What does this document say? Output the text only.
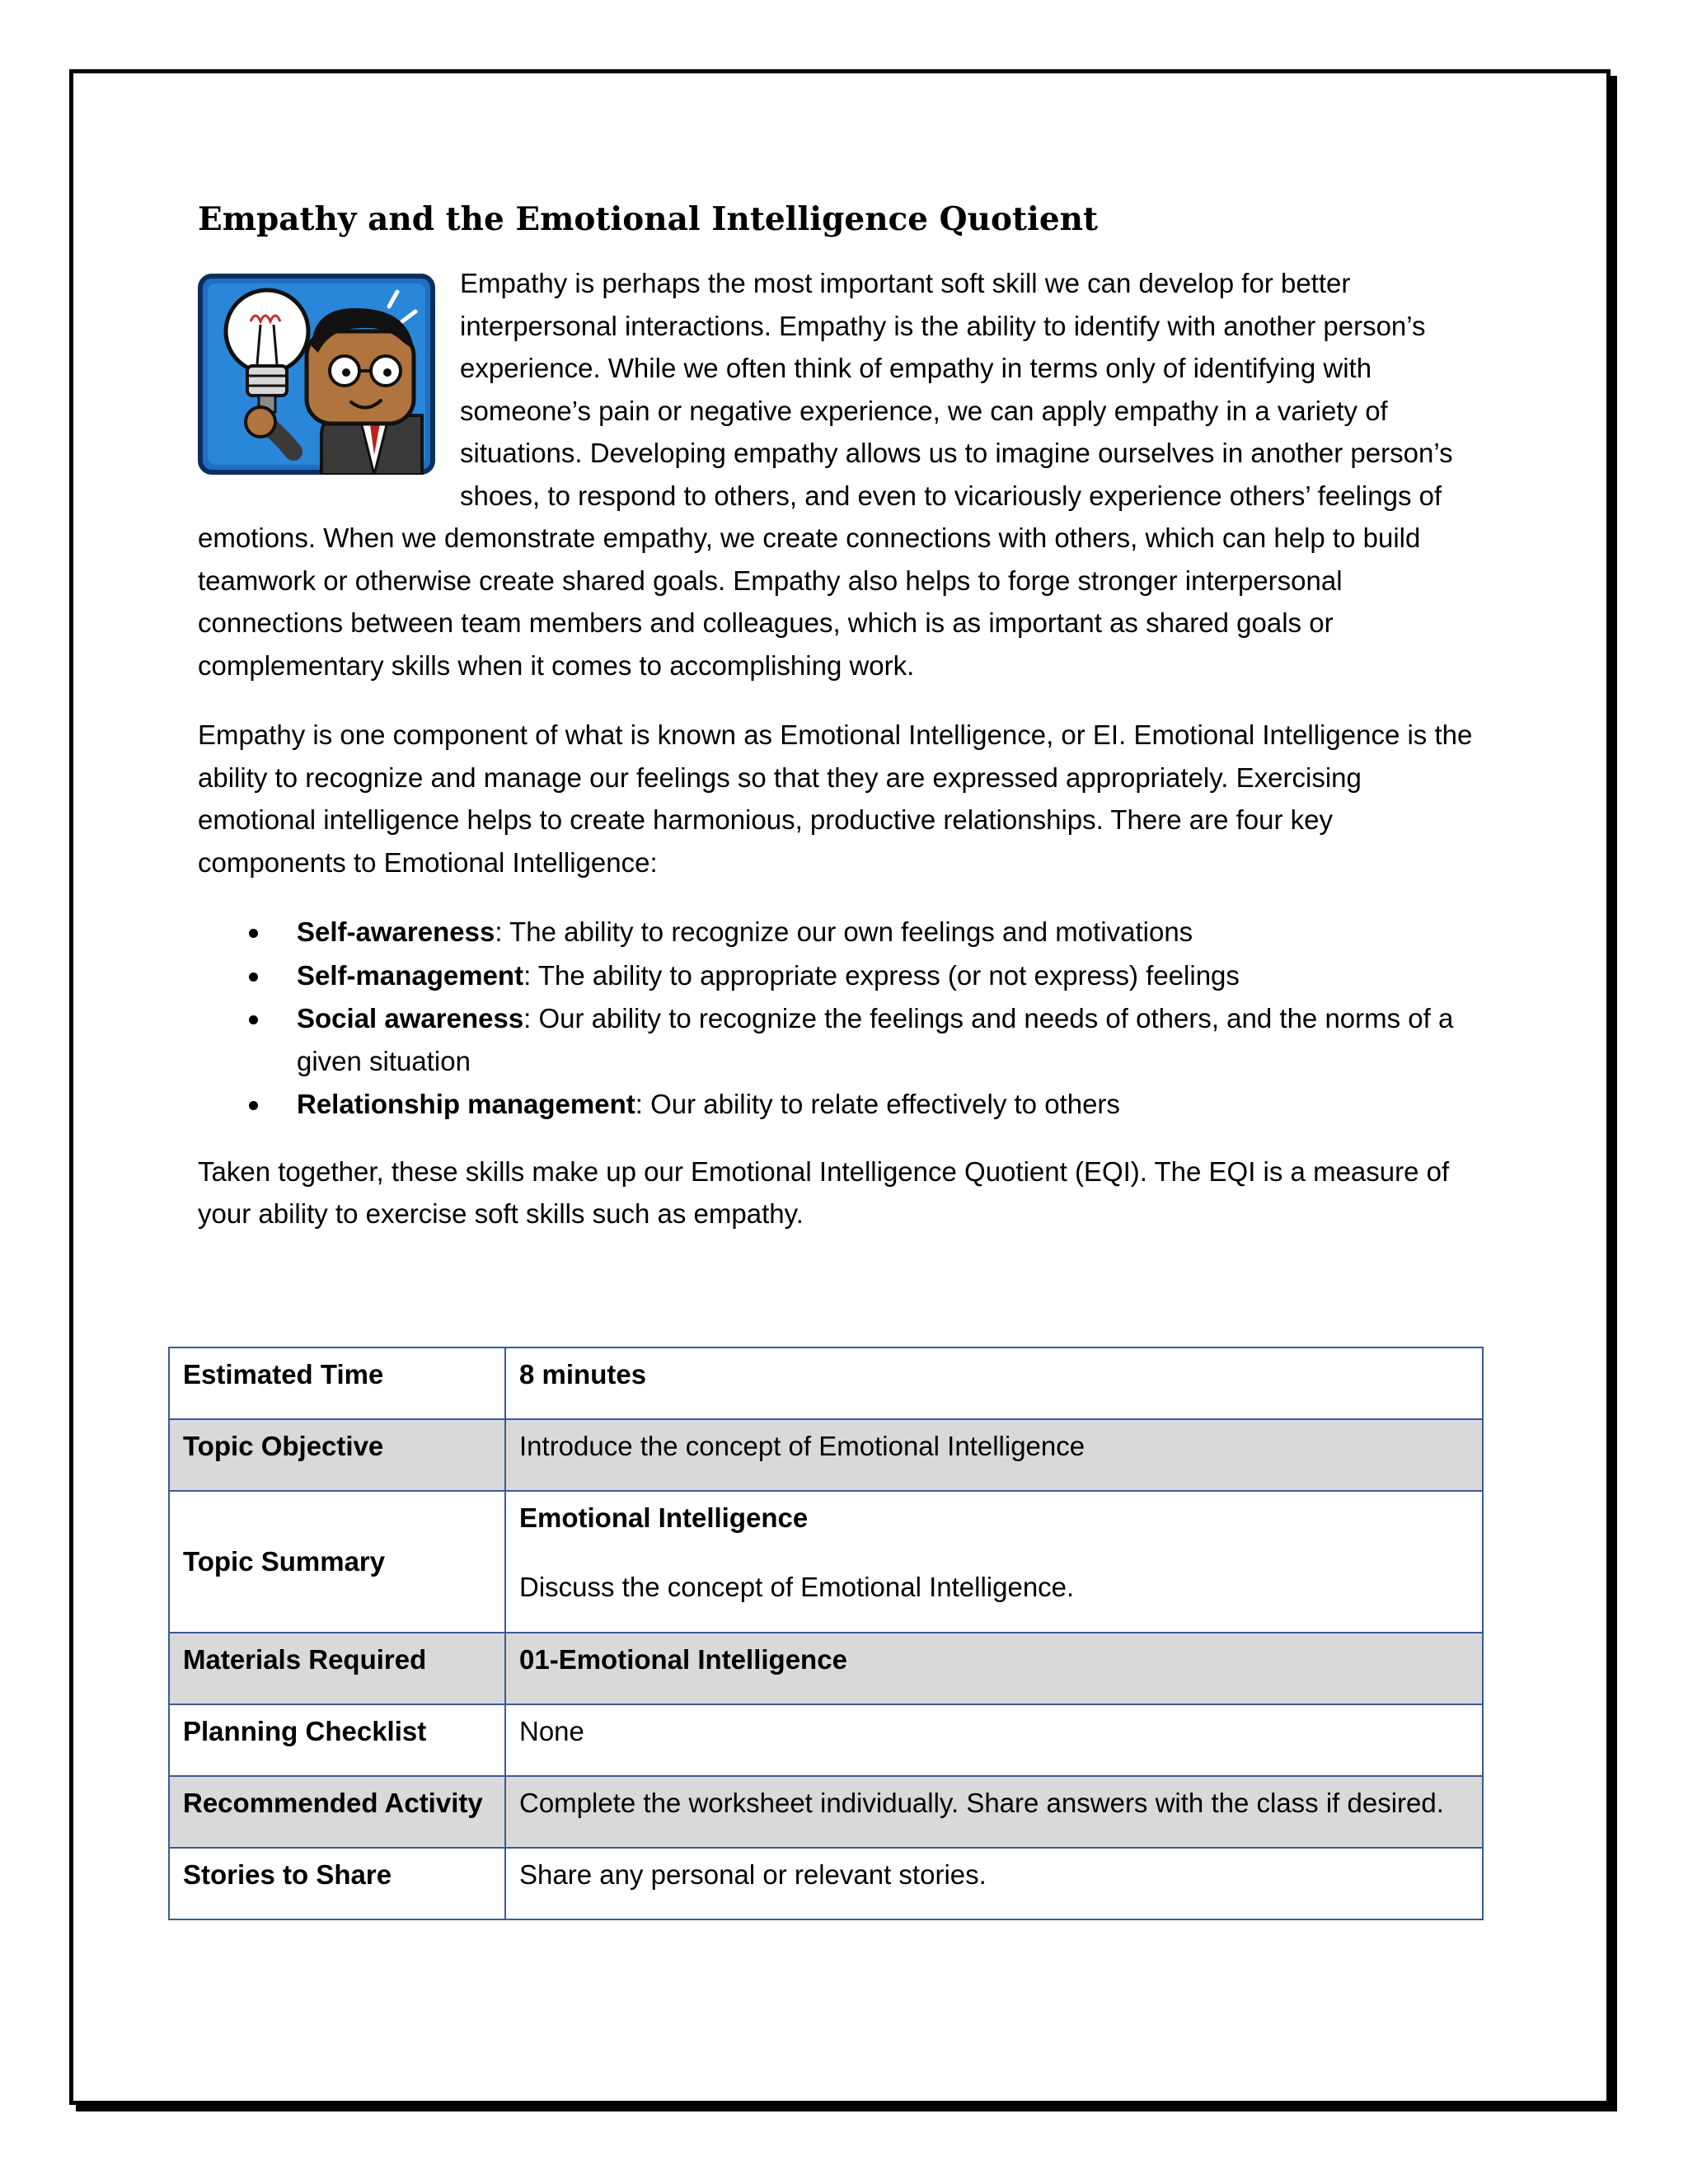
Empathy and the Emotional Intelligence Quotient

Empathy is perhaps the most important soft skill we can develop for better interpersonal interactions. Empathy is the ability to identify with another person’s experience. While we often think of empathy in terms only of identifying with someone’s pain or negative experience, we can apply empathy in a variety of situations. Developing empathy allows us to imagine ourselves in another person’s shoes, to respond to others, and even to vicariously experience others’ feelings of emotions. When we demonstrate empathy, we create connections with others, which can help to build teamwork or otherwise create shared goals. Empathy also helps to forge stronger interpersonal connections between team members and colleagues, which is as important as shared goals or complementary skills when it comes to accomplishing work.

Empathy is one component of what is known as Emotional Intelligence, or EI. Emotional Intelligence is the ability to recognize and manage our feelings so that they are expressed appropriately. Exercising emotional intelligence helps to create harmonious, productive relationships. There are four key components to Emotional Intelligence:

Self-awareness: The ability to recognize our own feelings and motivations
Self-management: The ability to appropriate express (or not express) feelings
Social awareness: Our ability to recognize the feelings and needs of others, and the norms of a given situation
Relationship management: Our ability to relate effectively to others

Taken together, these skills make up our Emotional Intelligence Quotient (EQI). The EQI is a measure of your ability to exercise soft skills such as empathy.

Estimated Time	8 minutes
Topic Objective	Introduce the concept of Emotional Intelligence
Topic Summary	Emotional Intelligence
Discuss the concept of Emotional Intelligence.

Materials Required	01-Emotional Intelligence
Planning Checklist	None
Recommended Activity	Complete the worksheet individually. Share answers with the class if desired.
Stories to Share	Share any personal or relevant stories.
